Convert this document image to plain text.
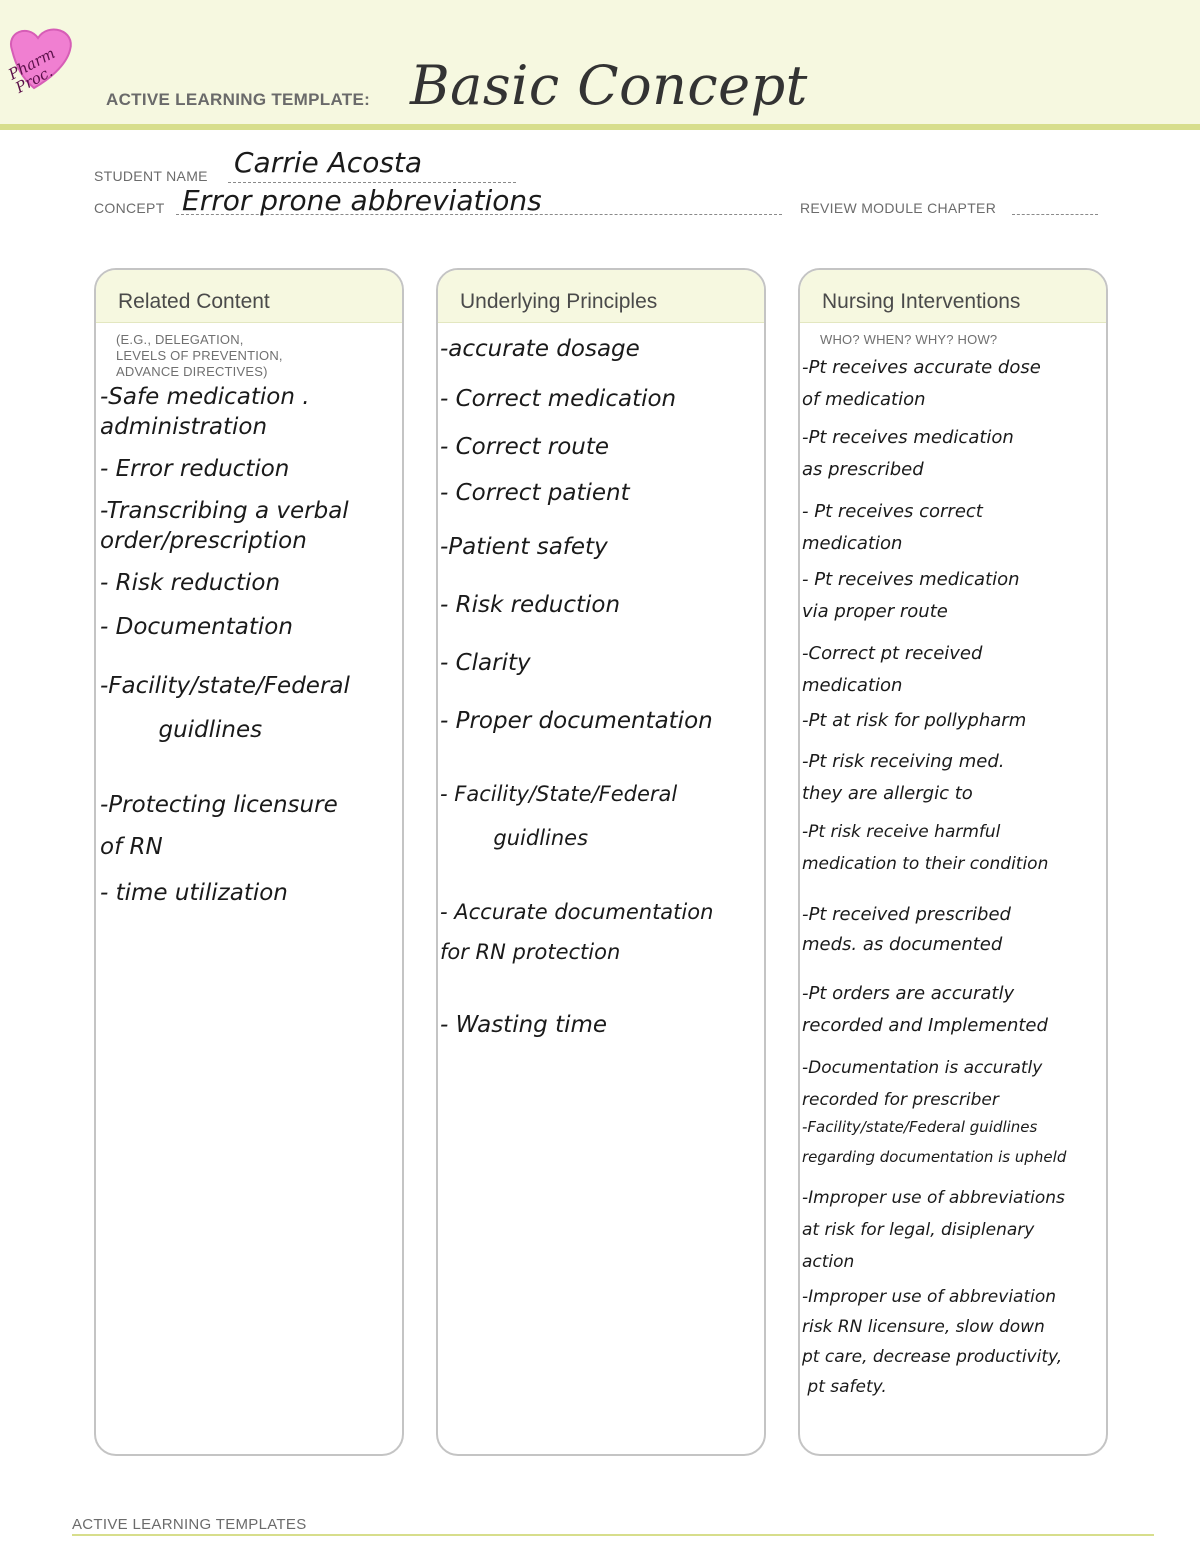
Pharm Proc.
ACTIVE LEARNING TEMPLATE: Basic Concept
STUDENT NAME Carrie Acosta
CONCEPT Error prone abbreviations	REVIEW MODULE CHAPTER
Related Content
(E.G., DELEGATION,
LEVELS OF PREVENTION,
ADVANCE DIRECTIVES)
-Safe medication .
administration
- Error reduction
-Transcribing a verbal
order/prescription
- Risk reduction
- Documentation
-Facility/state/Federal
guidlines
-Protecting licensure
of RN
- time utilization
Underlying Principles
-accurate dosage
- Correct medication
- Correct route
- Correct patient
-Patient safety
- Risk reduction
- Clarity
- Proper documentation
- Facility/State/Federal
guidlines
- Accurate documentation
for RN protection
- Wasting time
Nursing Interventions
WHO? WHEN? WHY? HOW?
-Pt receives accurate dose
of medication
-Pt receives medication
as prescribed
- Pt receives correct
medication
- Pt receives medication
via proper route
-Correct pt received
medication
-Pt at risk for pollypharm
-Pt risk receiving med.
they are allergic to
-Pt risk receive harmful
medication to their condition
-Pt received prescribed
meds. as documented
-Pt orders are accuratly
recorded and Implemented
-Documentation is accuratly
recorded for prescriber
-Facility/state/Federal guidlines
regarding documentation is upheld
-Improper use of abbreviations
at risk for legal, disiplenary
action
-Improper use of abbreviation
risk RN licensure, slow down
pt care, decrease productivity,
pt safety.
ACTIVE LEARNING TEMPLATES
